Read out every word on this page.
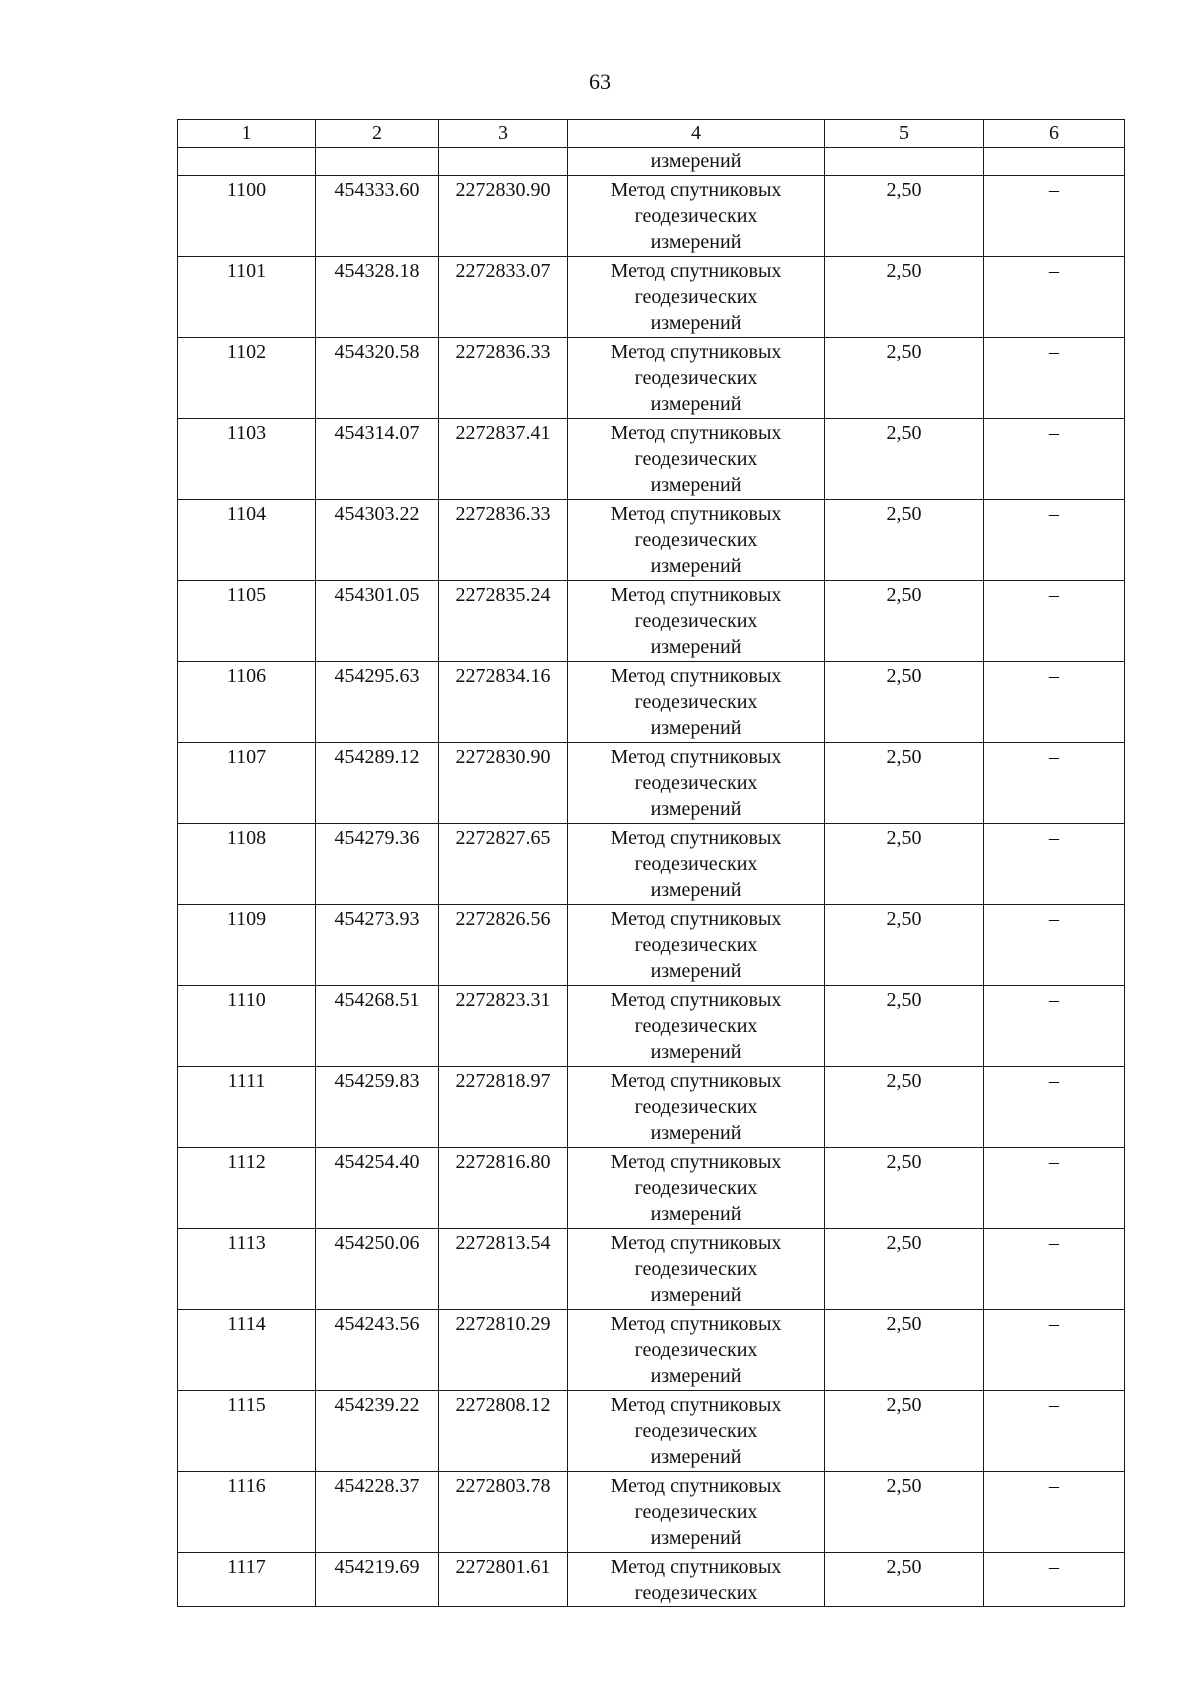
63
1	2	3	4	5	6
			измерений		
1100	454333.60	2272830.90	Метод спутниковых
геодезических
измерений	2,50	–
1101	454328.18	2272833.07	Метод спутниковых
геодезических
измерений	2,50	–
1102	454320.58	2272836.33	Метод спутниковых
геодезических
измерений	2,50	–
1103	454314.07	2272837.41	Метод спутниковых
геодезических
измерений	2,50	–
1104	454303.22	2272836.33	Метод спутниковых
геодезических
измерений	2,50	–
1105	454301.05	2272835.24	Метод спутниковых
геодезических
измерений	2,50	–
1106	454295.63	2272834.16	Метод спутниковых
геодезических
измерений	2,50	–
1107	454289.12	2272830.90	Метод спутниковых
геодезических
измерений	2,50	–
1108	454279.36	2272827.65	Метод спутниковых
геодезических
измерений	2,50	–
1109	454273.93	2272826.56	Метод спутниковых
геодезических
измерений	2,50	–
1110	454268.51	2272823.31	Метод спутниковых
геодезических
измерений	2,50	–
1111	454259.83	2272818.97	Метод спутниковых
геодезических
измерений	2,50	–
1112	454254.40	2272816.80	Метод спутниковых
геодезических
измерений	2,50	–
1113	454250.06	2272813.54	Метод спутниковых
геодезических
измерений	2,50	–
1114	454243.56	2272810.29	Метод спутниковых
геодезических
измерений	2,50	–
1115	454239.22	2272808.12	Метод спутниковых
геодезических
измерений	2,50	–
1116	454228.37	2272803.78	Метод спутниковых
геодезических
измерений	2,50	–
1117	454219.69	2272801.61	Метод спутниковых
геодезических	2,50	–
